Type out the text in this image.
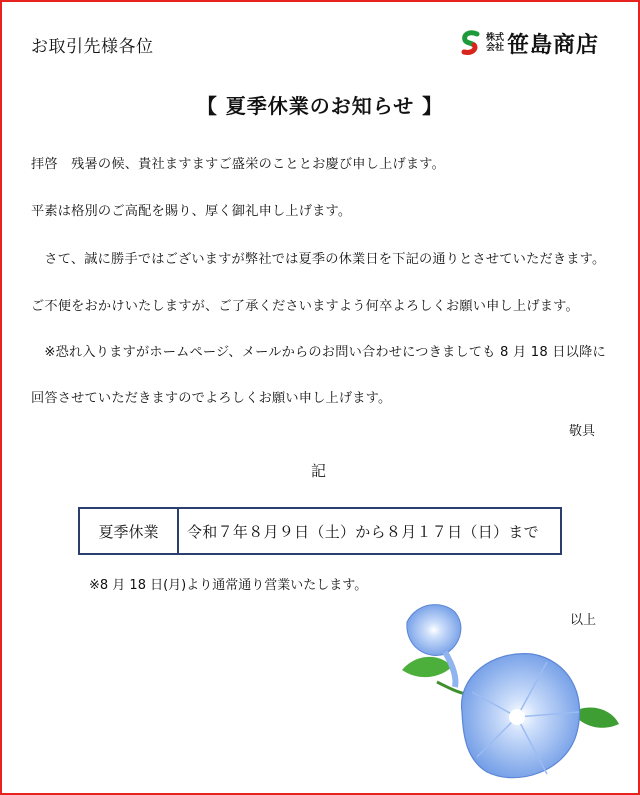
お取引先様各位	株式
会社 笹島商店
【 夏季休業のお知らせ 】
拝啓　残暑の候、貴社ますますご盛栄のこととお慶び申し上げます。
平素は格別のご高配を賜り、厚く御礼申し上げます。
　さて、誠に勝手ではございますが弊社では夏季の休業日を下記の通りとさせていただきます。
ご不便をおかけいたしますが、ご了承くださいますよう何卒よろしくお願い申し上げます。
　※恐れ入りますがホームページ、メールからのお問い合わせにつきましても 8 月 18 日以降に
回答させていただきますのでよろしくお願い申し上げます。
敬具
記
夏季休業	令和７年８月９日（土）から８月１７日（日）まで
※8 月 18 日(月)より通常通り営業いたします。
以上
